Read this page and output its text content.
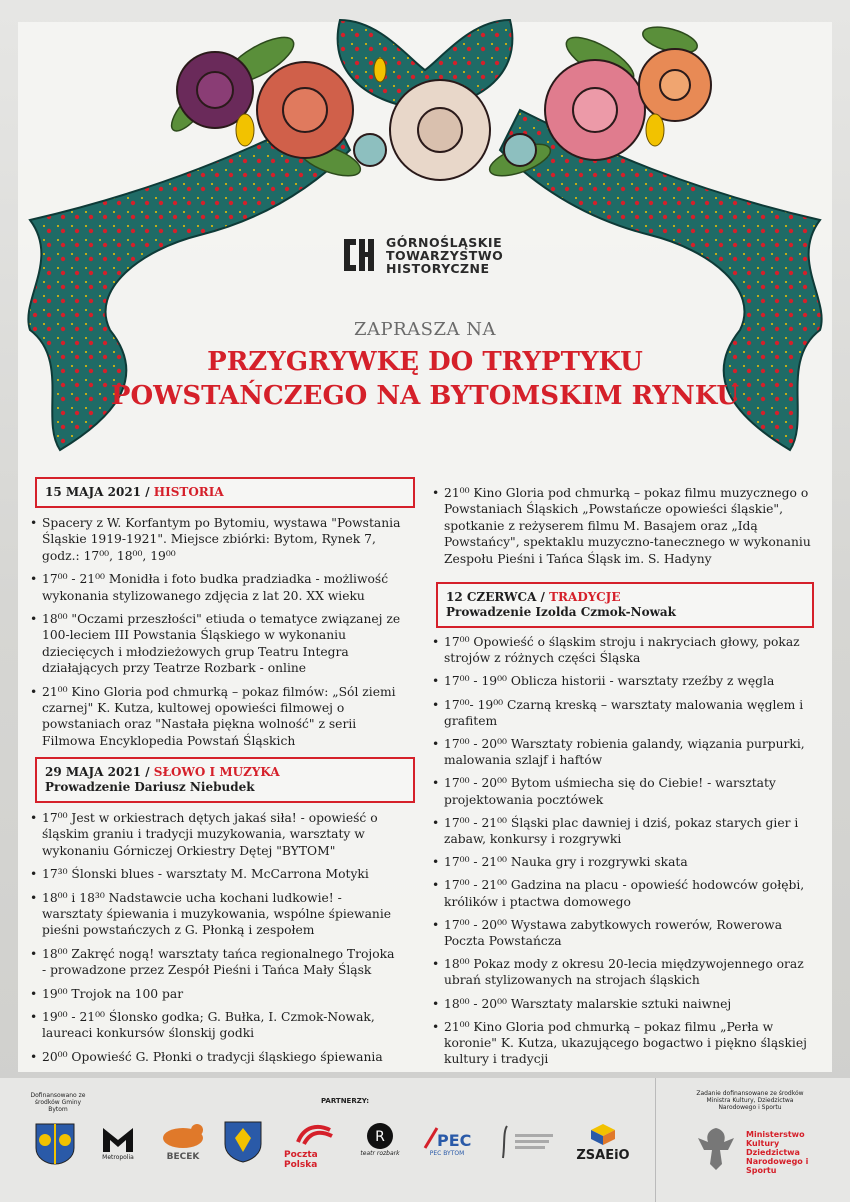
GÓRNOŚLĄSKIE
TOWARZYSTWO
HISTORYCZNE
ZAPRASZA NA
PRZYGRYWKĘ DO TRYPTYKU
POWSTAŃCZEGO NA BYTOMSKIM RYNKU
15 MAJA 2021 / HISTORIA
• Spacery z W. Korfantym po Bytomiu, wystawa "Powstania Śląskie 1919-1921". Miejsce zbiórki: Bytom, Rynek 7, godz.: 17⁰⁰, 18⁰⁰, 19⁰⁰
• 17⁰⁰ - 21⁰⁰ Monidła i foto budka pradziadka - możliwość wykonania stylizowanego zdjęcia z lat 20. XX wieku
• 18⁰⁰ "Oczami przeszłości" etiuda o tematyce związanej ze 100-leciem III Powstania Śląskiego w wykonaniu dziecięcych i młodzieżowych grup Teatru Integra działających przy Teatrze Rozbark - online
• 21⁰⁰ Kino Gloria pod chmurką – pokaz filmów: „Sól ziemi czarnej" K. Kutza, kultowej opowieści filmowej o powstaniach oraz "Nastała piękna wolność" z serii Filmowa Encyklopedia Powstań Śląskich
29 MAJA 2021 / SŁOWO I MUZYKA
Prowadzenie Dariusz Niebudek
• 17⁰⁰ Jest w orkiestrach dętych jakaś siła! - opowieść o śląskim graniu i tradycji muzykowania, warsztaty w wykonaniu Górniczej Orkiestry Dętej "BYTOM"
• 17³⁰ Ślonski blues - warsztaty M. McCarrona Motyki
• 18⁰⁰ i 18³⁰ Nadstawcie ucha kochani ludkowie! - warsztaty śpiewania i muzykowania, wspólne śpiewanie pieśni powstańczych z G. Płonką i zespołem
• 18⁰⁰ Zakręć nogą! warsztaty tańca regionalnego Trojoka - prowadzone przez Zespół Pieśni i Tańca Mały Śląsk
• 19⁰⁰ Trojok na 100 par
• 19⁰⁰ - 21⁰⁰ Ślonsko godka; G. Bułka, I. Czmok-Nowak, laureaci konkursów ślonskij godki
• 20⁰⁰ Opowieść G. Płonki o tradycji śląskiego śpiewania
• 21⁰⁰ Kino Gloria pod chmurką – pokaz filmu muzycznego o Powstaniach Śląskich „Powstańcze opowieści śląskie", spotkanie z reżyserem filmu M. Basajem oraz „Idą Powstańcy", spektaklu muzyczno-tanecznego w wykonaniu Zespołu Pieśni i Tańca Śląsk im. S. Hadyny
12 CZERWCA / TRADYCJE
Prowadzenie Izolda Czmok-Nowak
• 17⁰⁰ Opowieść o śląskim stroju i nakryciach głowy, pokaz strojów z różnych części Śląska
• 17⁰⁰ - 19⁰⁰ Oblicza historii - warsztaty rzeźby z węgla
• 17⁰⁰- 19⁰⁰ Czarną kreską – warsztaty malowania węglem i grafitem
• 17⁰⁰ - 20⁰⁰ Warsztaty robienia galandy, wiązania purpurki, malowania szlajf i haftów
• 17⁰⁰ - 20⁰⁰ Bytom uśmiecha się do Ciebie! - warsztaty projektowania pocztówek
• 17⁰⁰ - 21⁰⁰ Śląski plac dawniej i dziś, pokaz starych gier i zabaw, konkursy i rozgrywki
• 17⁰⁰ - 21⁰⁰ Nauka gry i rozgrywki skata
• 17⁰⁰ - 21⁰⁰ Gadzina na placu - opowieść hodowców gołębi, królików i ptactwa domowego
• 17⁰⁰ - 20⁰⁰ Wystawa zabytkowych rowerów, Rowerowa Poczta Powstańcza
• 18⁰⁰ Pokaz mody z okresu 20-lecia międzywojennego oraz ubrań stylizowanych na strojach śląskich
• 18⁰⁰ - 20⁰⁰ Warsztaty malarskie sztuki naiwnej
• 21⁰⁰ Kino Gloria pod chmurką – pokaz filmu „Perła w koronie" K. Kutza, ukazującego bogactwo i piękno śląskiej kultury i tradycji
Dofinansowano ze środków Gminy Bytom
PARTNERZY:
Metropolia	BECEK	Poczta Polska
R
teatr rozbark
PEC
PEC BYTOM	ZSAEiO
Zadanie dofinansowane ze środków Ministra Kultury, Dziedzictwa Narodowego i Sportu
Ministerstwo Kultury Dziedzictwa Narodowego i Sportu
